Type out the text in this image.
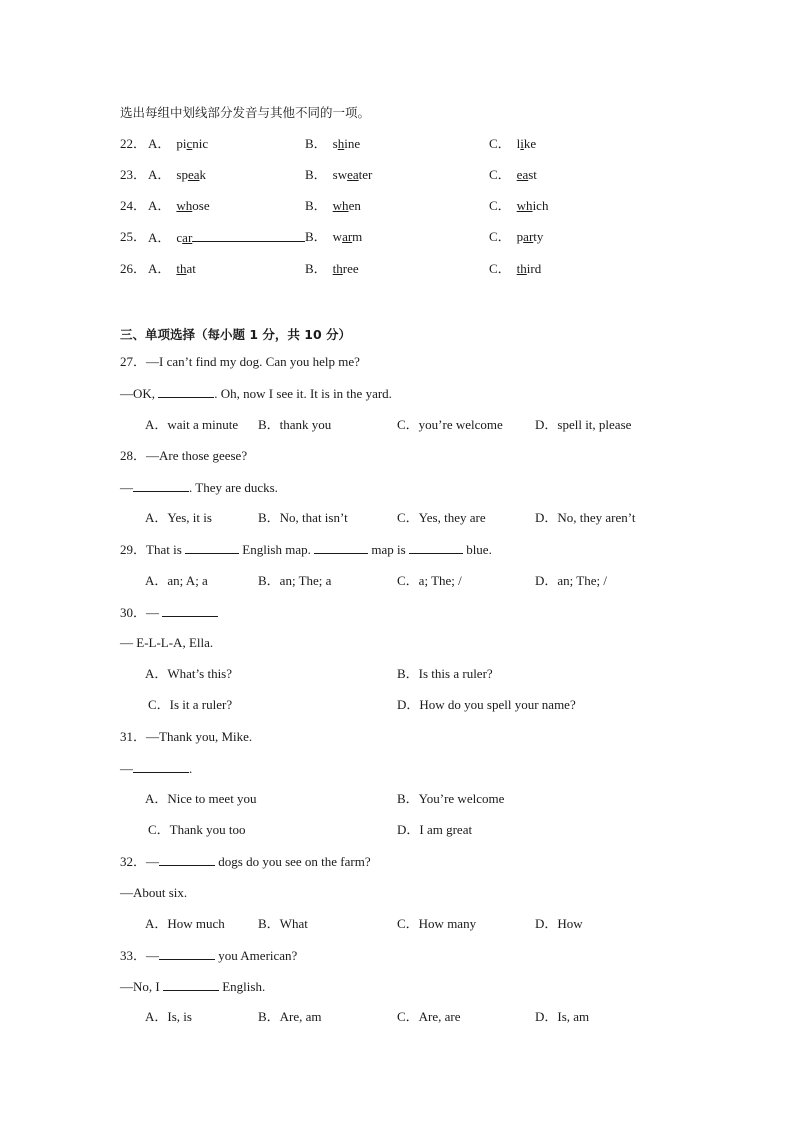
选出每组中划线部分发音与其他不同的一项。
22． A． picnic	B． shine	C． like
23． A． speak	B． sweater	C． east
24． A． whose	B． when	C． which
25． A． car	B． warm	C． party
26． A． that	B． three	C． third
三、单项选择（每小题 1 分，共 10 分）
27．—I can’t find my dog. Can you help me?
—OK,	. Oh, now I see it. It is in the yard.
A．wait a minute B．thank you	C．you’re welcome D．spell it, please
28．—Are those geese?
—	. They are ducks.
A．Yes, it is	B．No, that isn’t	C．Yes, they are	D．No, they aren’t
29．That is	English map.	map is	blue.
A．an; A; a	B．an; The; a	C．a; The; /	D．an; The; /
30．—
— E-L-L-A, Ella.
A．What’s this?	B．Is this a ruler?
C．Is it a ruler?	D．How do you spell your name?
31．—Thank you, Mike.
—	.
A．Nice to meet you	B．You’re welcome
C．Thank you too	D．I am great
32．—	dogs do you see on the farm?
—About six.
A．How much	B．What	C．How many	D．How
33．—	you American?
—No, I	English.
A．Is, is	B．Are, am	C．Are, are	D．Is, am
